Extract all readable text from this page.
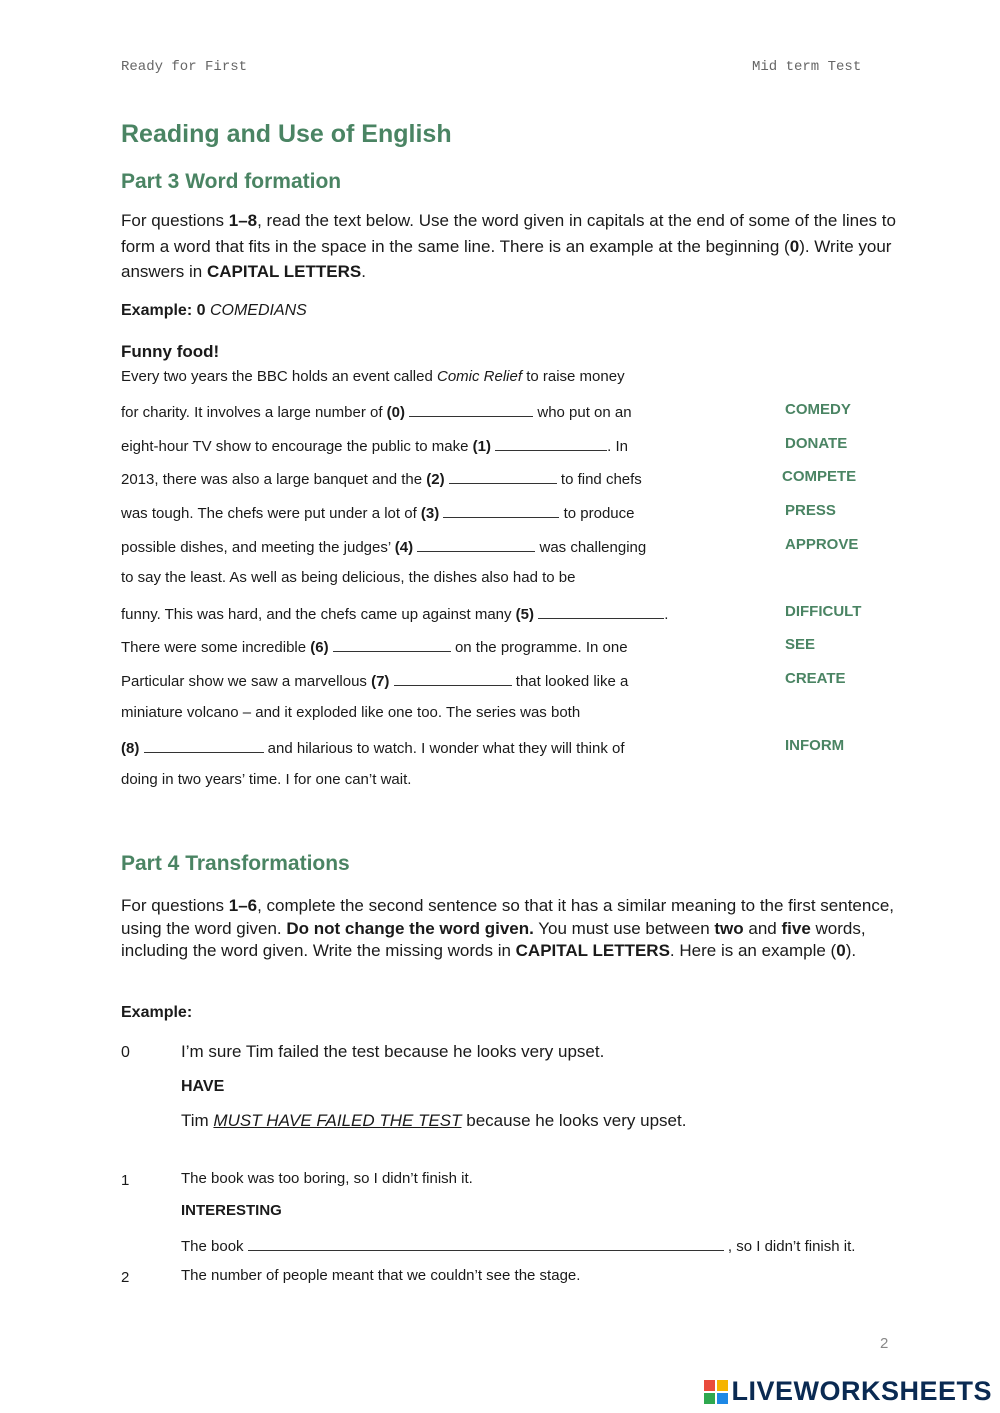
Ready for First	Mid term Test
Reading and Use of English
Part 3 Word formation
For questions 1–8, read the text below. Use the word given in capitals at the end of some of the lines to form a word that fits in the space in the same line. There is an example at the beginning (0). Write your answers in CAPITAL LETTERS.
Example: 0 COMEDIANS
Funny food!
Every two years the BBC holds an event called Comic Relief to raise money
for charity. It involves a large number of (0)	who put on an	COMEDY
eight-hour TV show to encourage the public to make (1)	. In	DONATE
2013, there was also a large banquet and the (2)	to find chefs	COMPETE
was tough. The chefs were put under a lot of (3)	to produce	PRESS
possible dishes, and meeting the judges’ (4)	was challenging	APPROVE
to say the least. As well as being delicious, the dishes also had to be
funny. This was hard, and the chefs came up against many (5)	.	DIFFICULT
There were some incredible (6)	on the programme. In one	SEE
Particular show we saw a marvellous (7)	that looked like a	CREATE
miniature volcano – and it exploded like one too. The series was both
(8)	and hilarious to watch. I wonder what they will think of	INFORM
doing in two years’ time. I for one can’t wait.
Part 4 Transformations
For questions 1–6, complete the second sentence so that it has a similar meaning to the first sentence, using the word given. Do not change the word given. You must use between two and five words, including the word given. Write the missing words in CAPITAL LETTERS. Here is an example (0).
Example:
0	I’m sure Tim failed the test because he looks very upset.
HAVE
Tim MUST HAVE FAILED THE TEST because he looks very upset.
1	The book was too boring, so I didn’t finish it.
INTERESTING
The book	, so I didn’t finish it.
2	The number of people meant that we couldn’t see the stage.
2
LIVEWORKSHEETS
